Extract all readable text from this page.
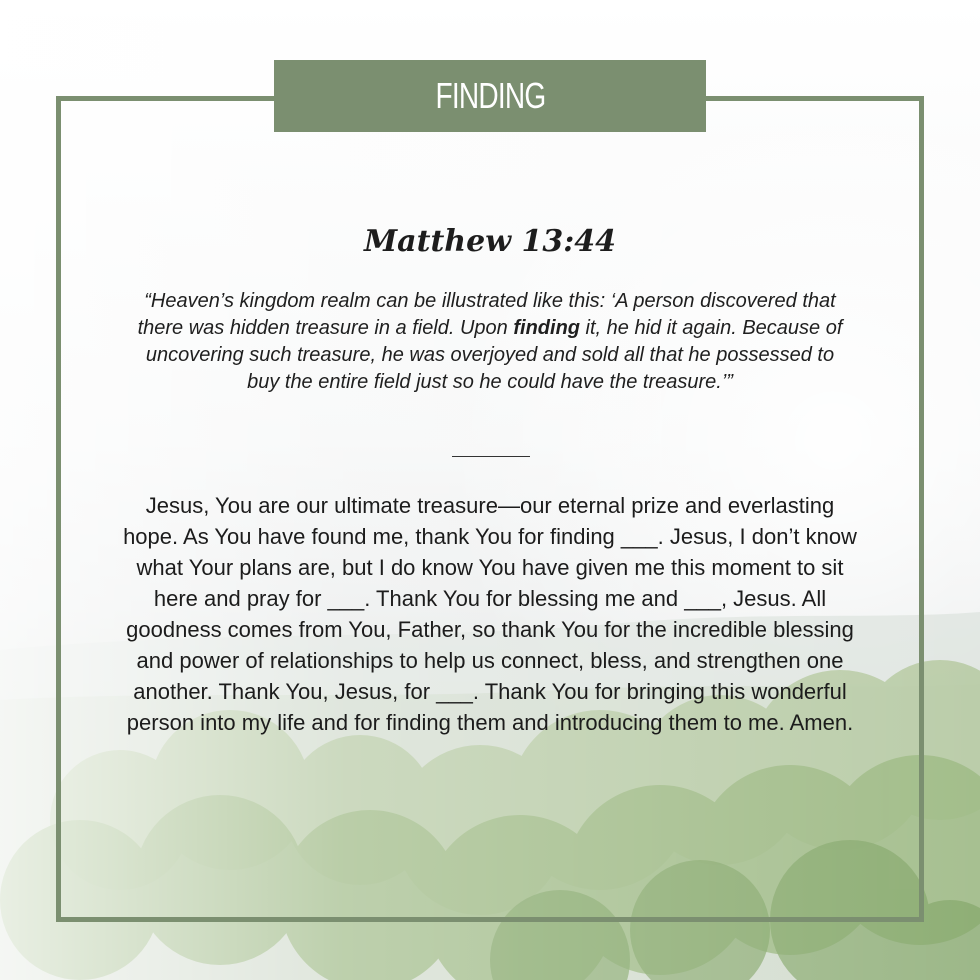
FINDING
Matthew 13:44
“Heaven’s kingdom realm can be illustrated like this: ‘A person discovered that there was hidden treasure in a field. Upon finding it, he hid it again. Because of uncovering such treasure, he was overjoyed and sold all that he possessed to buy the entire field just so he could have the treasure.’”
Jesus, You are our ultimate treasure—our eternal prize and everlasting hope. As You have found me, thank You for finding ___. Jesus, I don’t know what Your plans are, but I do know You have given me this moment to sit here and pray for ___. Thank You for blessing me and ___, Jesus. All goodness comes from You, Father, so thank You for the incredible blessing and power of relationships to help us connect, bless, and strengthen one another. Thank You, Jesus, for ___. Thank You for bringing this wonderful person into my life and for finding them and introducing them to me. Amen.
